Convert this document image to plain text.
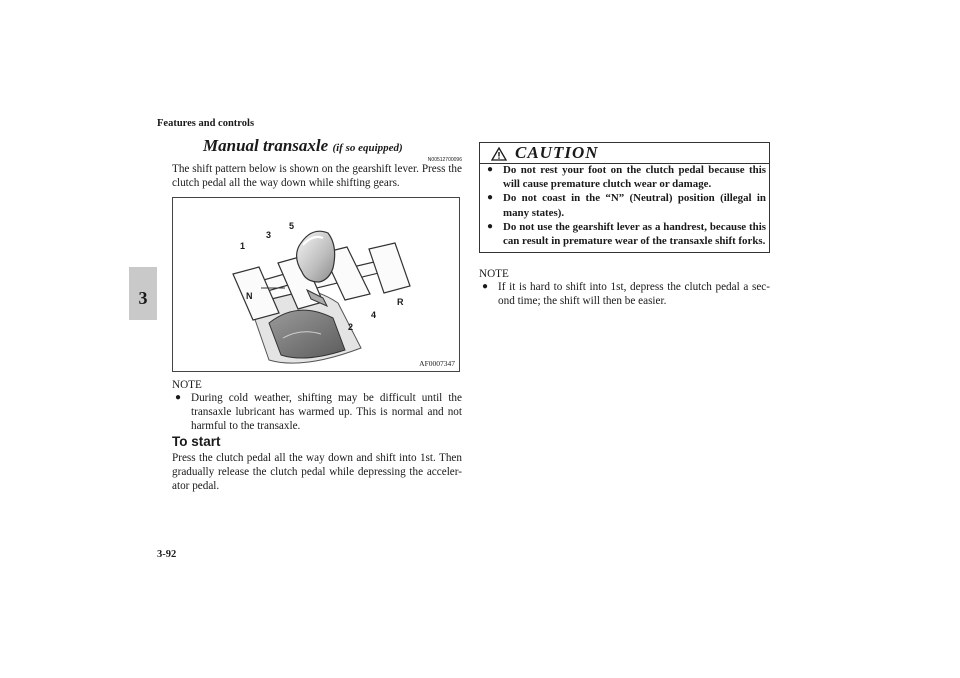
Features and controls
3
Manual transaxle (if so equipped)
N00512700096
The shift pattern below is shown on the gearshift lever. Press the clutch pedal all the way down while shifting gears.
1
3
5
N
2
4
R
AF0007347
NOTE
● During cold weather, shifting may be difficult until the transaxle lubricant has warmed up. This is normal and not harmful to the transaxle.
To start
Press the clutch pedal all the way down and shift into 1st. Then gradually release the clutch pedal while depressing the acceler-ator pedal.
CAUTION
● Do not rest your foot on the clutch pedal because this will cause premature clutch wear or damage.
● Do not coast in the “N” (Neutral) position (illegal in many states).
● Do not use the gearshift lever as a handrest, because this can result in premature wear of the transaxle shift forks.
NOTE
● If it is hard to shift into 1st, depress the clutch pedal a sec-ond time; the shift will then be easier.
3-92
